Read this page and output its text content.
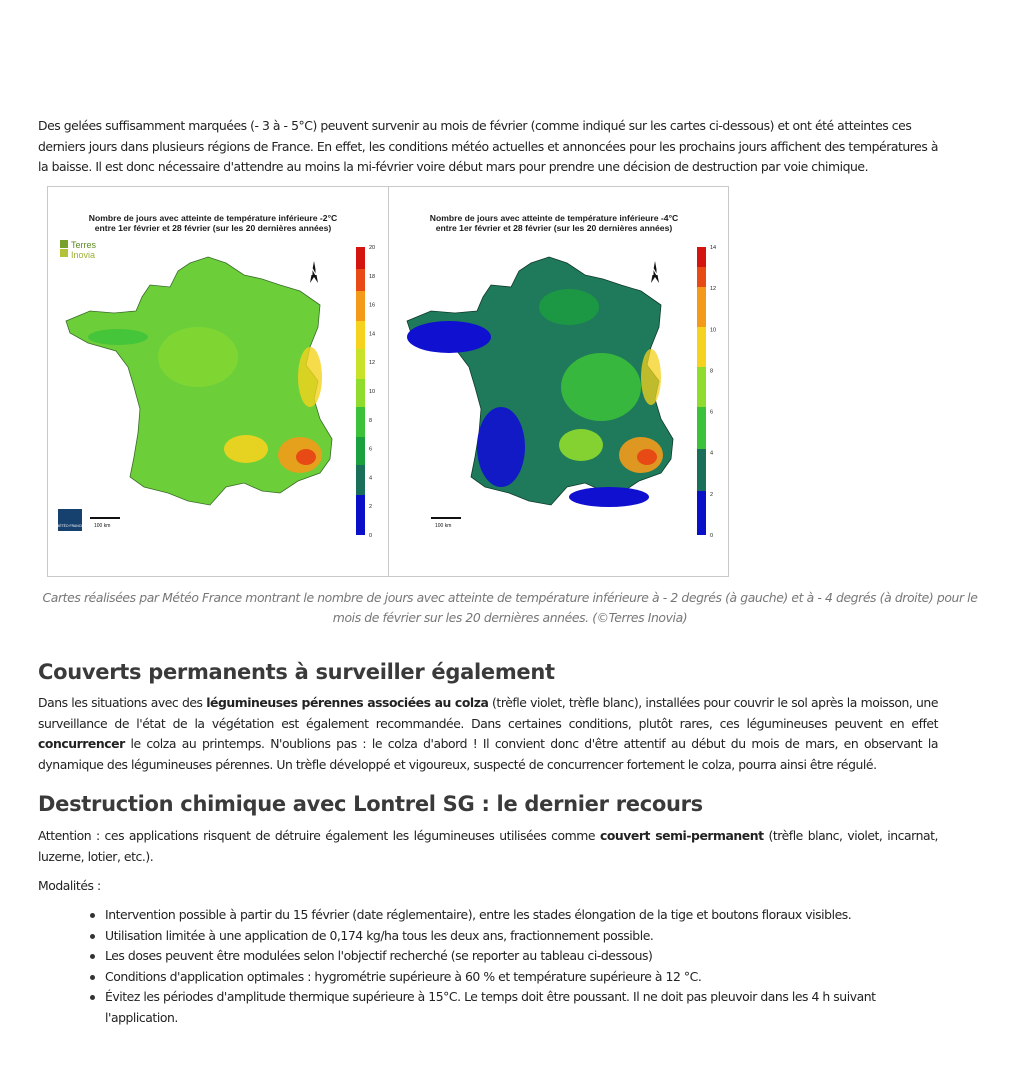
Des gelées suffisamment marquées (- 3 à - 5°C) peuvent survenir au mois de février (comme indiqué sur les cartes ci-dessous) et ont été atteintes ces derniers jours dans plusieurs régions de France. En effet, les conditions météo actuelles et annoncées pour les prochains jours affichent des températures à la baisse. Il est donc nécessaire d'attendre au moins la mi-février voire début mars pour prendre une décision de destruction par voie chimique.

Nombre de jours avec atteinte de température inférieure -2°C
entre 1er février et 28 février (sur les 20 dernières années)

Terres
Inovia
N
MÉTÉO FRANCE 100 km
20
18
16
14
12
10
8
6
4
2
0

Nombre de jours avec atteinte de température inférieure -4°C
entre 1er février et 28 février (sur les 20 dernières années)

N
100 km
14
12
10
8
6
4
2
0

Cartes réalisées par Météo France montrant le nombre de jours avec atteinte de température inférieure à - 2 degrés (à gauche) et à - 4 degrés (à droite) pour le mois de février sur les 20 dernières années. (©Terres Inovia)

Couverts permanents à surveiller également

Dans les situations avec des légumineuses pérennes associées au colza (trèfle violet, trèfle blanc), installées pour couvrir le sol après la moisson, une surveillance de l'état de la végétation est également recommandée. Dans certaines conditions, plutôt rares, ces légumineuses peuvent en effet concurrencer le colza au printemps. N'oublions pas : le colza d'abord ! Il convient donc d'être attentif au début du mois de mars, en observant la dynamique des légumineuses pérennes. Un trèfle développé et vigoureux, suspecté de concurrencer fortement le colza, pourra ainsi être régulé.

Destruction chimique avec Lontrel SG : le dernier recours

Attention : ces applications risquent de détruire également les légumineuses utilisées comme couvert semi-permanent (trèfle blanc, violet, incarnat, luzerne, lotier, etc.).

Modalités :

Intervention possible à partir du 15 février (date réglementaire), entre les stades élongation de la tige et boutons floraux visibles.
Utilisation limitée à une application de 0,174 kg/ha tous les deux ans, fractionnement possible.
Les doses peuvent être modulées selon l'objectif recherché (se reporter au tableau ci-dessous)
Conditions d'application optimales : hygrométrie supérieure à 60 % et température supérieure à 12 °C.
Évitez les périodes d'amplitude thermique supérieure à 15°C. Le temps doit être poussant. Il ne doit pas pleuvoir dans les 4 h suivant l'application.
